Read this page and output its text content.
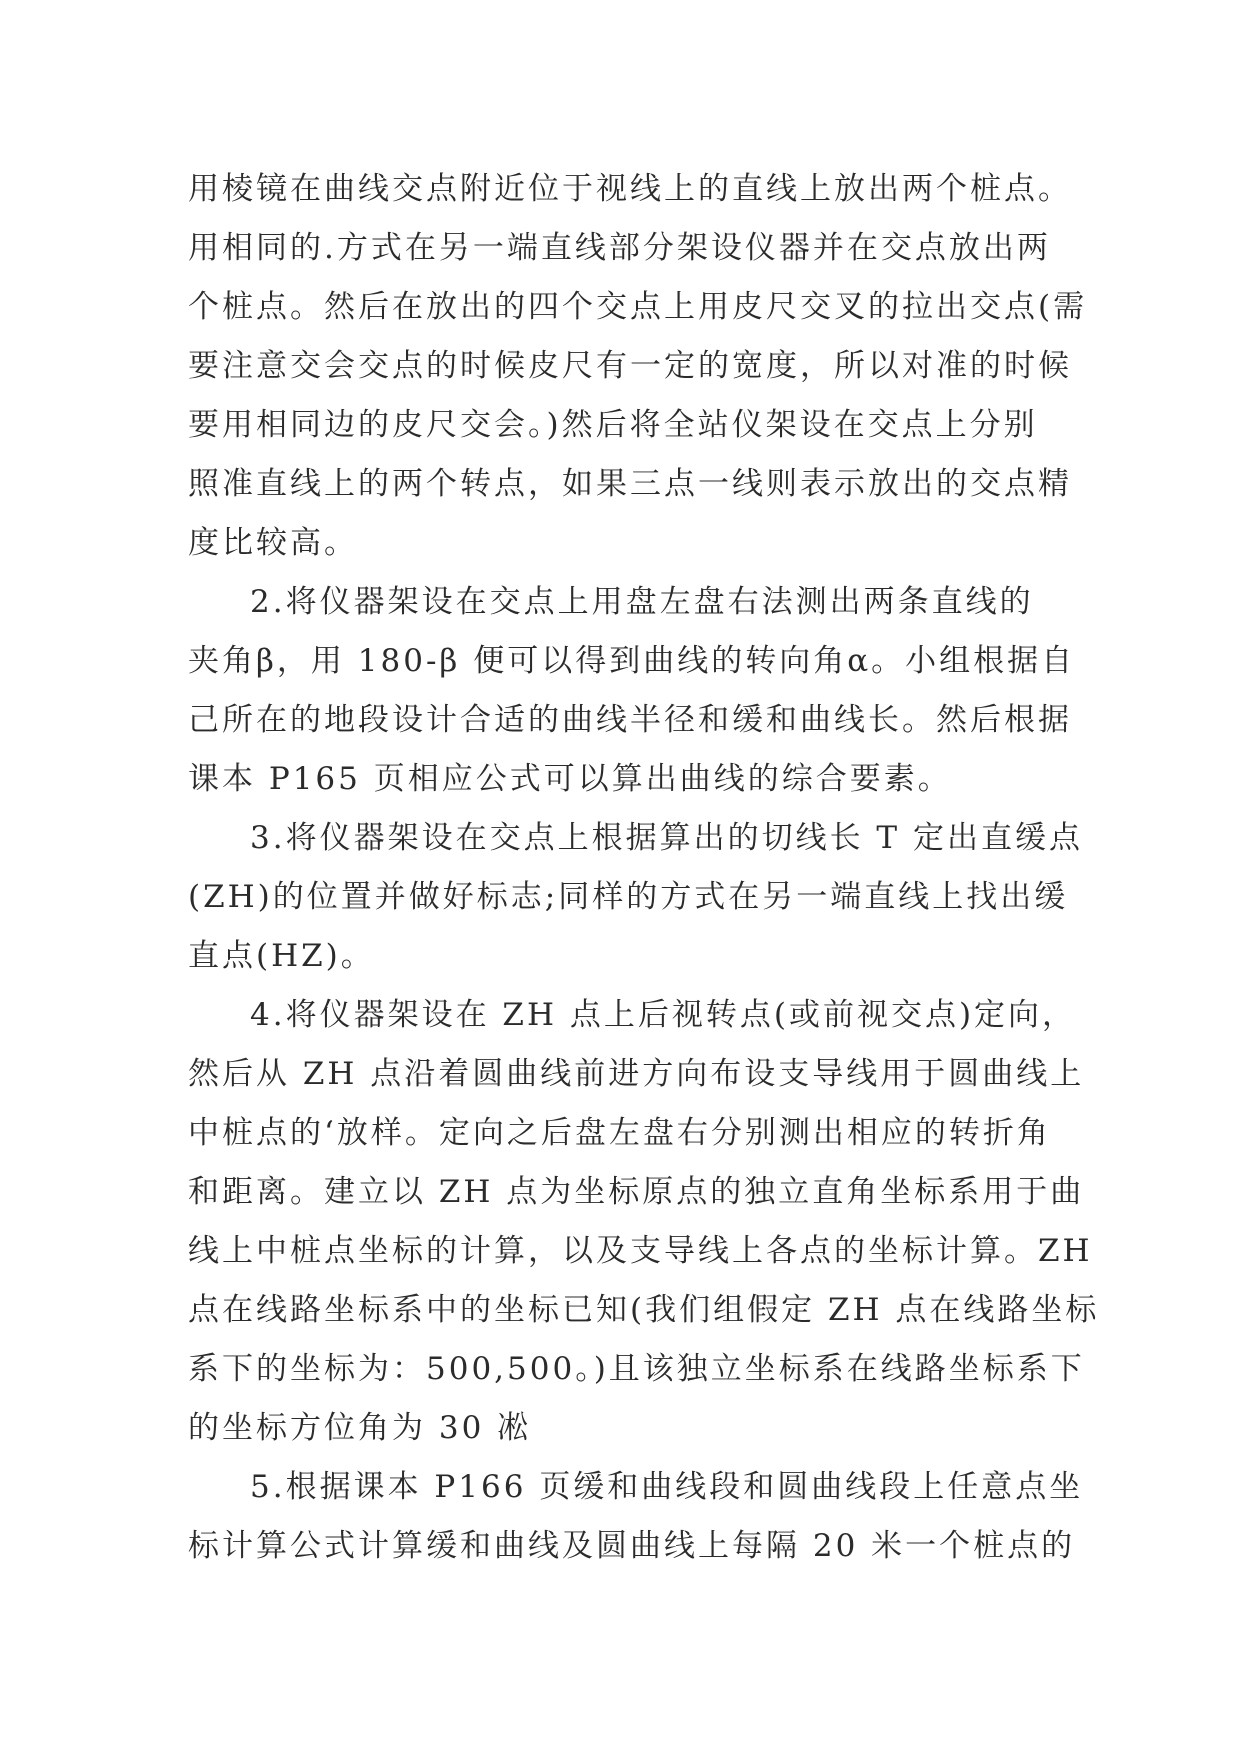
用棱镜在曲线交点附近位于视线上的直线上放出两个桩点。
用相同的.方式在另一端直线部分架设仪器并在交点放出两
个桩点。然后在放出的四个交点上用皮尺交叉的拉出交点(需
要注意交会交点的时候皮尺有一定的宽度，所以对准的时候
要用相同边的皮尺交会。)然后将全站仪架设在交点上分别
照准直线上的两个转点，如果三点一线则表示放出的交点精
度比较高。
2.将仪器架设在交点上用盘左盘右法测出两条直线的
夹角β，用 180-β 便可以得到曲线的转向角α。小组根据自
己所在的地段设计合适的曲线半径和缓和曲线长。然后根据
课本 P165 页相应公式可以算出曲线的综合要素。
3.将仪器架设在交点上根据算出的切线长 T 定出直缓点
(ZH)的位置并做好标志;同样的方式在另一端直线上找出缓
直点(HZ)。
4.将仪器架设在 ZH 点上后视转点(或前视交点)定向，
然后从 ZH 点沿着圆曲线前进方向布设支导线用于圆曲线上
中桩点的‘放样。定向之后盘左盘右分别测出相应的转折角
和距离。建立以 ZH 点为坐标原点的独立直角坐标系用于曲
线上中桩点坐标的计算，以及支导线上各点的坐标计算。ZH
点在线路坐标系中的坐标已知(我们组假定 ZH 点在线路坐标
系下的坐标为：500,500。)且该独立坐标系在线路坐标系下
的坐标方位角为 30 凇
5.根据课本 P166 页缓和曲线段和圆曲线段上任意点坐
标计算公式计算缓和曲线及圆曲线上每隔 20 米一个桩点的
